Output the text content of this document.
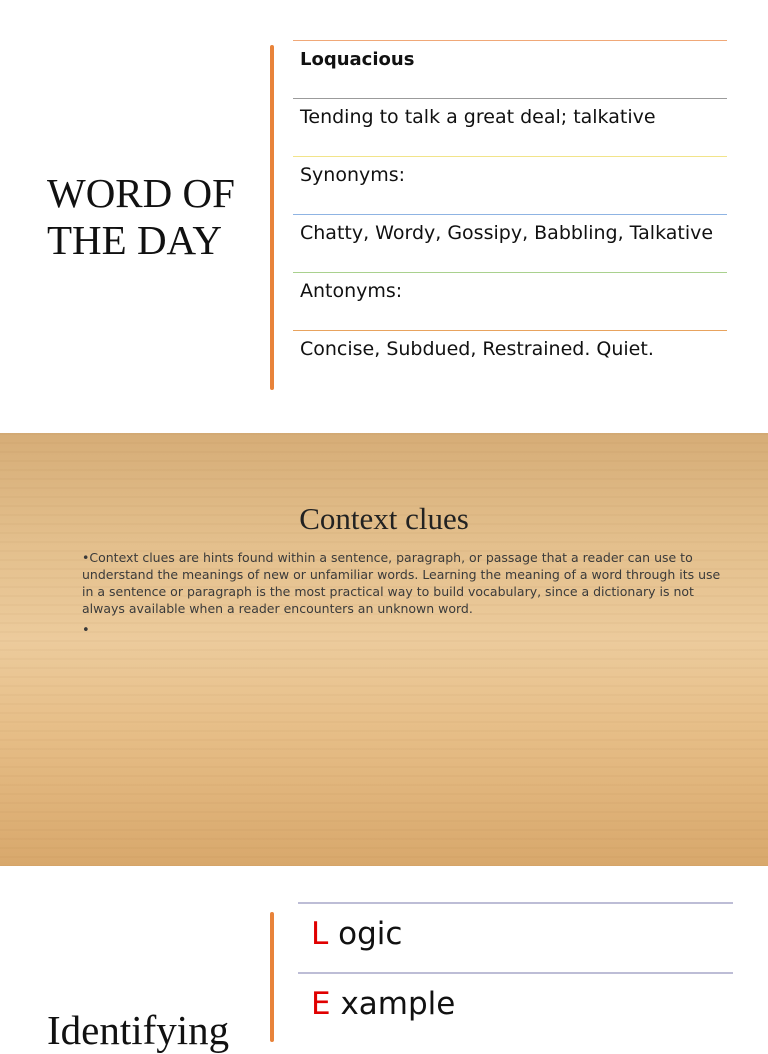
WORD OF THE DAY
Loquacious
Tending to talk a great deal; talkative
Synonyms:
Chatty, Wordy, Gossipy, Babbling, Talkative
Antonyms:
Concise, Subdued, Restrained. Quiet.
Context clues
•Context clues are hints found within a sentence, paragraph, or passage that a reader can use to understand the meanings of new or unfamiliar words. Learning the meaning of a word through its use in a sentence or paragraph is the most practical way to build vocabulary, since a dictionary is not always available when a reader encounters an unknown word.
•
L ogic
E xample
Identifying
